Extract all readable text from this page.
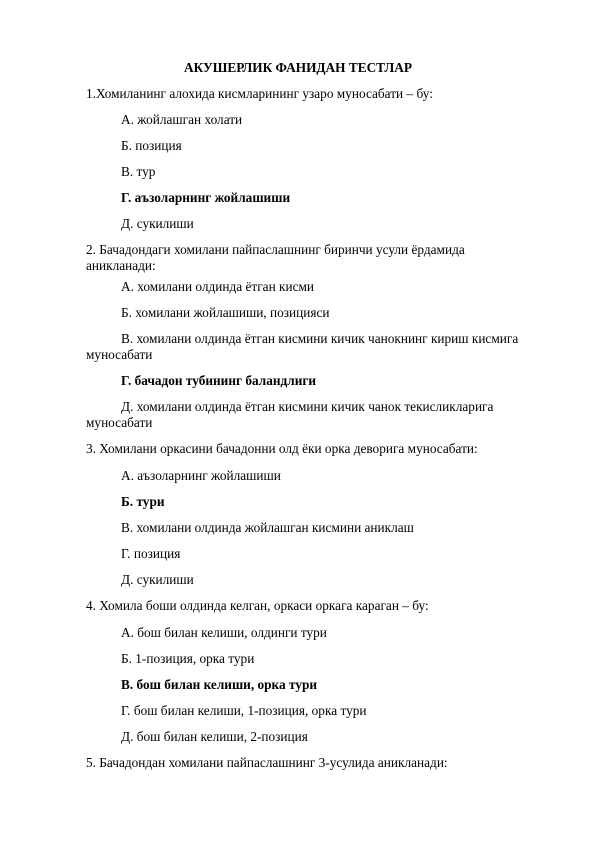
АКУШЕРЛИК ФАНИДАН ТЕСТЛАР
1.Хомиланинг алохида кисмларининг узаро муносабати – бу:
А. жойлашган холати
Б. позиция
В. тур
Г. аъзоларнинг жойлашиши
Д. сукилиши
2. Бачадондаги хомилани пайпаслашнинг биринчи усули ёрдамида
аникланади:
А. хомилани олдинда ётган кисми
Б. хомилани жойлашиши, позицияси
В. хомилани олдинда ётган кисмини кичик чанокнинг кириш кисмига
муносабати
Г. бачадон тубининг баландлиги
Д. хомилани олдинда ётган кисмини кичик чанок текисликларига
муносабати
3. Хомилани оркасини бачадонни олд ёки орка деворига муносабати:
А. аъзоларнинг жойлашиши
Б. тури
В. хомилани олдинда жойлашган кисмини аниклаш
Г. позиция
Д. сукилиши
4. Хомила боши олдинда келган, оркаси оркага караган – бу:
А. бош билан келиши, олдинги тури
Б. 1-позиция, орка тури
В. бош билан келиши, орка тури
Г. бош билан келиши, 1-позиция, орка тури
Д. бош билан келиши, 2-позиция
5. Бачадондан хомилани пайпаслашнинг 3-усулида аникланади:
